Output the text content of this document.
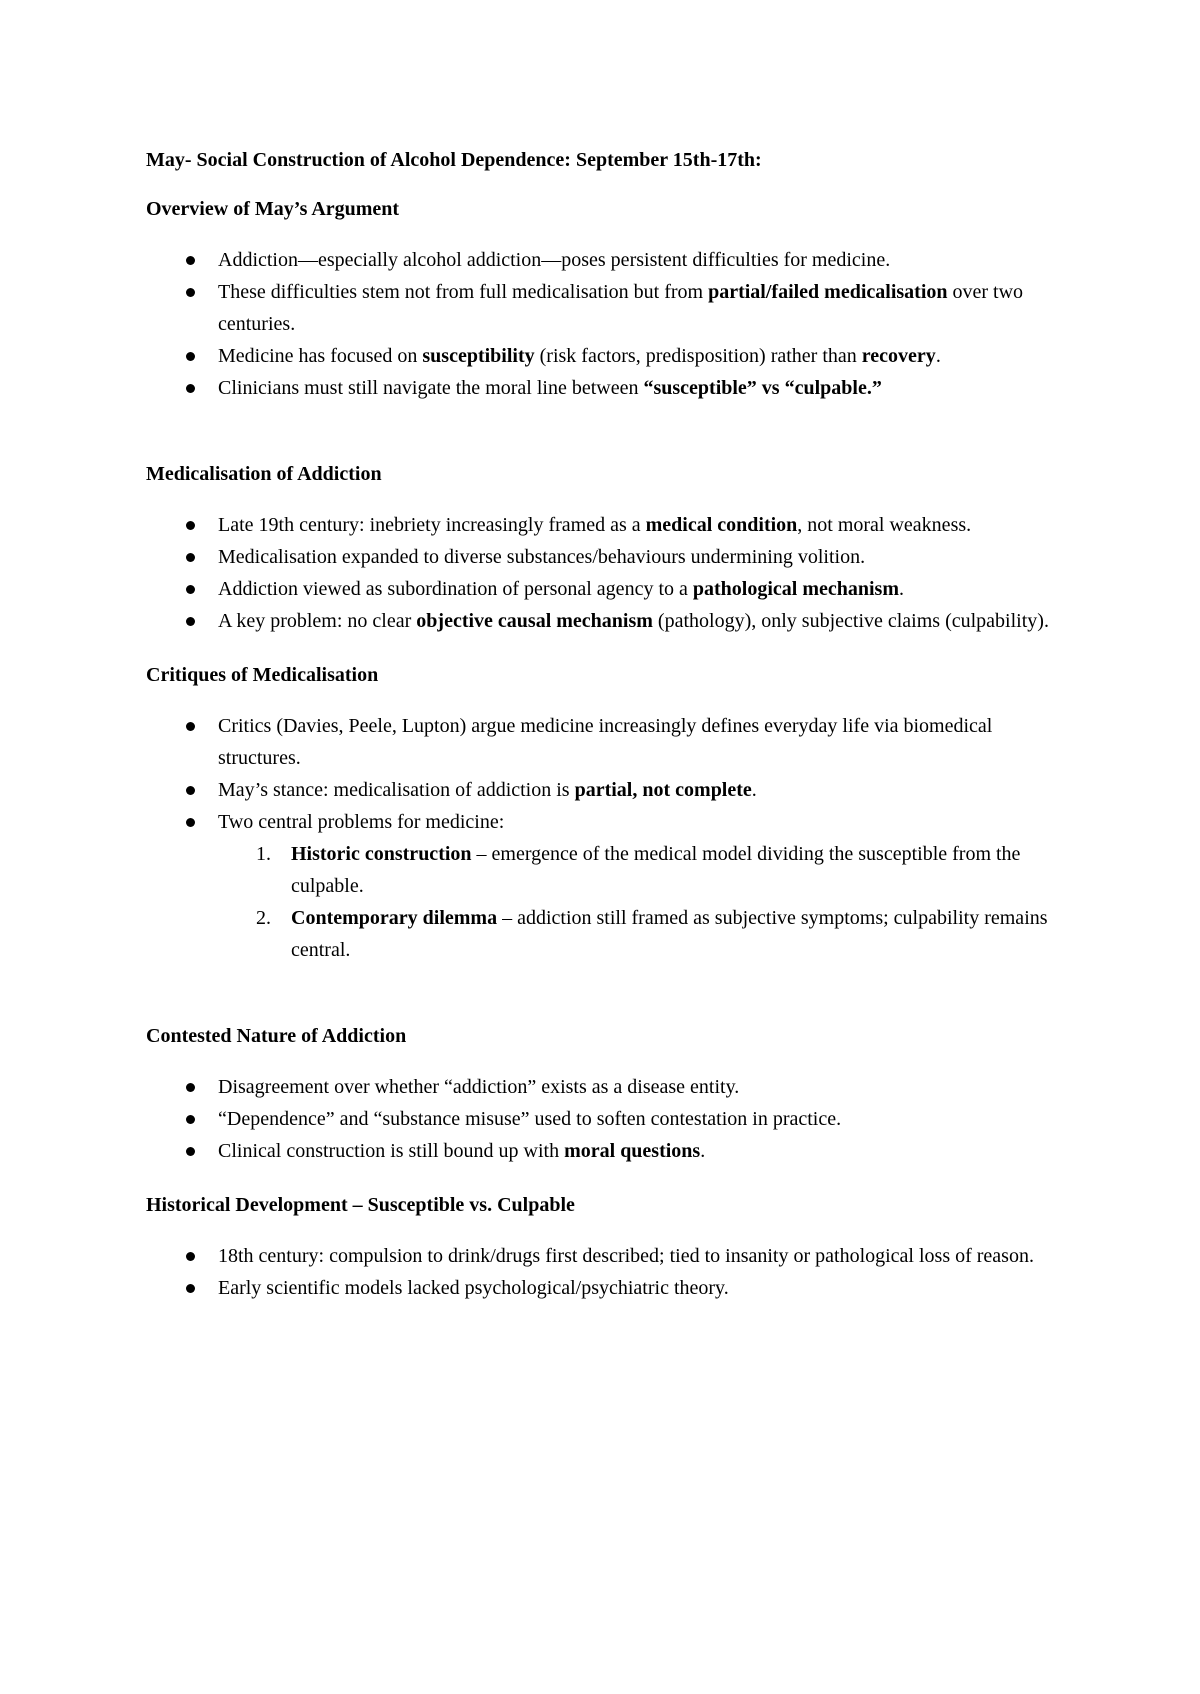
May- Social Construction of Alcohol Dependence: September 15th-17th:

Overview of May’s Argument

Addiction—especially alcohol addiction—poses persistent difficulties for medicine.
These difficulties stem not from full medicalisation but from partial/failed medicalisation over two centuries.
Medicine has focused on susceptibility (risk factors, predisposition) rather than recovery.
Clinicians must still navigate the moral line between “susceptible” vs “culpable.”

Medicalisation of Addiction

Late 19th century: inebriety increasingly framed as a medical condition, not moral weakness.
Medicalisation expanded to diverse substances/behaviours undermining volition.
Addiction viewed as subordination of personal agency to a pathological mechanism.
A key problem: no clear objective causal mechanism (pathology), only subjective claims (culpability).

Critiques of Medicalisation

Critics (Davies, Peele, Lupton) argue medicine increasingly defines everyday life via biomedical structures.
May’s stance: medicalisation of addiction is partial, not complete.
Two central problems for medicine:
1. Historic construction – emergence of the medical model dividing the susceptible from the culpable.
2. Contemporary dilemma – addiction still framed as subjective symptoms; culpability remains central.

Contested Nature of Addiction

Disagreement over whether “addiction” exists as a disease entity.
“Dependence” and “substance misuse” used to soften contestation in practice.
Clinical construction is still bound up with moral questions.

Historical Development – Susceptible vs. Culpable

18th century: compulsion to drink/drugs first described; tied to insanity or pathological loss of reason.
Early scientific models lacked psychological/psychiatric theory.
